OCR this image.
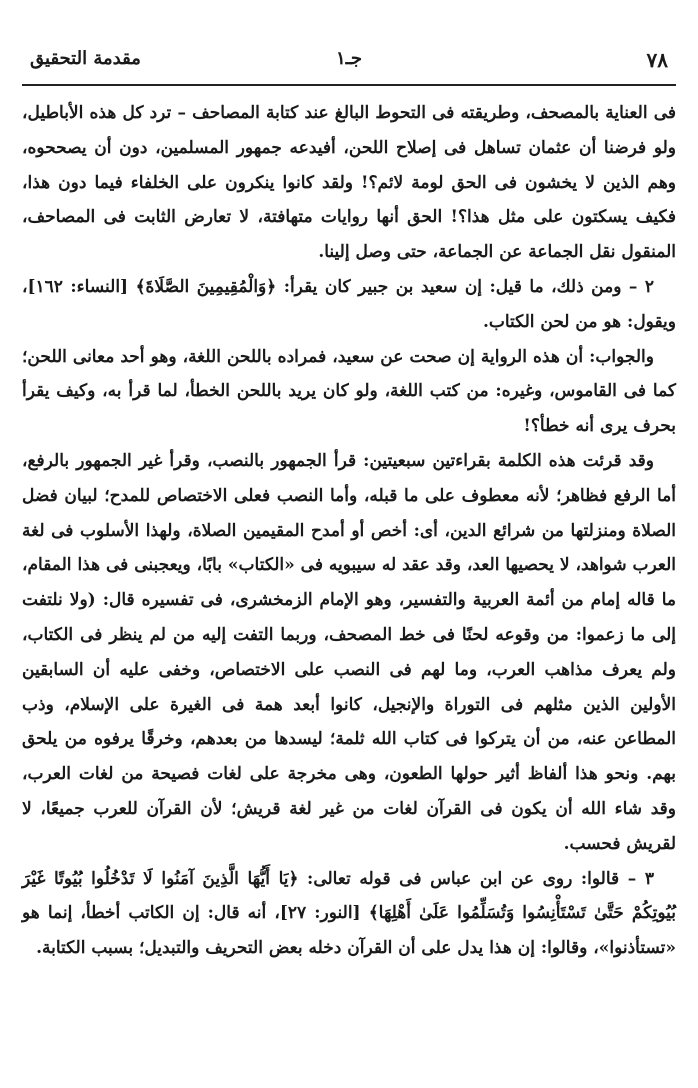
٧٨
جـ١
مقدمة التحقيق

فى العناية بالمصحف، وطريقته فى التحوط البالغ عند كتابة المصاحف – ترد كل هذه الأباطيل، ولو فرضنا أن عثمان تساهل فى إصلاح اللحن، أفيدعه جمهور المسلمين، دون أن يصححوه، وهم الذين لا يخشون فى الحق لومة لائم؟! ولقد كانوا ينكرون على الخلفاء فيما دون هذا، فكيف يسكتون على مثل هذا؟! الحق أنها روايات متهافتة، لا تعارض الثابت فى المصاحف، المنقول نقل الجماعة عن الجماعة، حتى وصل إلينا.

٢ – ومن ذلك، ما قيل: إن سعيد بن جبير كان يقرأ: ﴿وَالْمُقِيمِينَ الصَّلَاةَ﴾ [النساء: ١٦٢]، ويقول: هو من لحن الكتاب.

والجواب: أن هذه الرواية إن صحت عن سعيد، فمراده باللحن اللغة، وهو أحد معانى اللحن؛ كما فى القاموس، وغيره: من كتب اللغة، ولو كان يريد باللحن الخطأ، لما قرأ به، وكيف يقرأ بحرف يرى أنه خطأ؟!

وقد قرئت هذه الكلمة بقراءتين سبعيتين: قرأ الجمهور بالنصب، وقرأ غير الجمهور بالرفع، أما الرفع فظاهر؛ لأنه معطوف على ما قبله، وأما النصب فعلى الاختصاص للمدح؛ لبيان فضل الصلاة ومنزلتها من شرائع الدين، أى: أخص أو أمدح المقيمين الصلاة، ولهذا الأسلوب فى لغة العرب شواهد، لا يحصيها العد، وقد عقد له سيبويه فى «الكتاب» بابًا، ويعجبنى فى هذا المقام، ما قاله إمام من أئمة العربية والتفسير، وهو الإمام الزمخشرى، فى تفسيره قال: (ولا نلتفت إلى ما زعموا: من وقوعه لحنًا فى خط المصحف، وربما التفت إليه من لم ينظر فى الكتاب، ولم يعرف مذاهب العرب، وما لهم فى النصب على الاختصاص، وخفى عليه أن السابقين الأولين الذين مثلهم فى التوراة والإنجيل، كانوا أبعد همة فى الغيرة على الإسلام، وذب المطاعن عنه، من أن يتركوا فى كتاب الله ثلمة؛ ليسدها من بعدهم، وخرقًا يرفوه من يلحق بهم. ونحو هذا ألفاظ أثير حولها الطعون، وهى مخرجة على لغات فصيحة من لغات العرب، وقد شاء الله أن يكون فى القرآن لغات من غير لغة قريش؛ لأن القرآن للعرب جميعًا، لا لقريش فحسب.

٣ – قالوا: روى عن ابن عباس فى قوله تعالى: ﴿يَا أَيُّهَا الَّذِينَ آمَنُوا لَا تَدْخُلُوا بُيُوتًا غَيْرَ بُيُوتِكُمْ حَتَّىٰ تَسْتَأْنِسُوا وَتُسَلِّمُوا عَلَىٰ أَهْلِهَا﴾ [النور: ٢٧]، أنه قال: إن الكاتب أخطأ، إنما هو «تستأذنوا»، وقالوا: إن هذا يدل على أن القرآن دخله بعض التحريف والتبديل؛ بسبب الكتابة.
